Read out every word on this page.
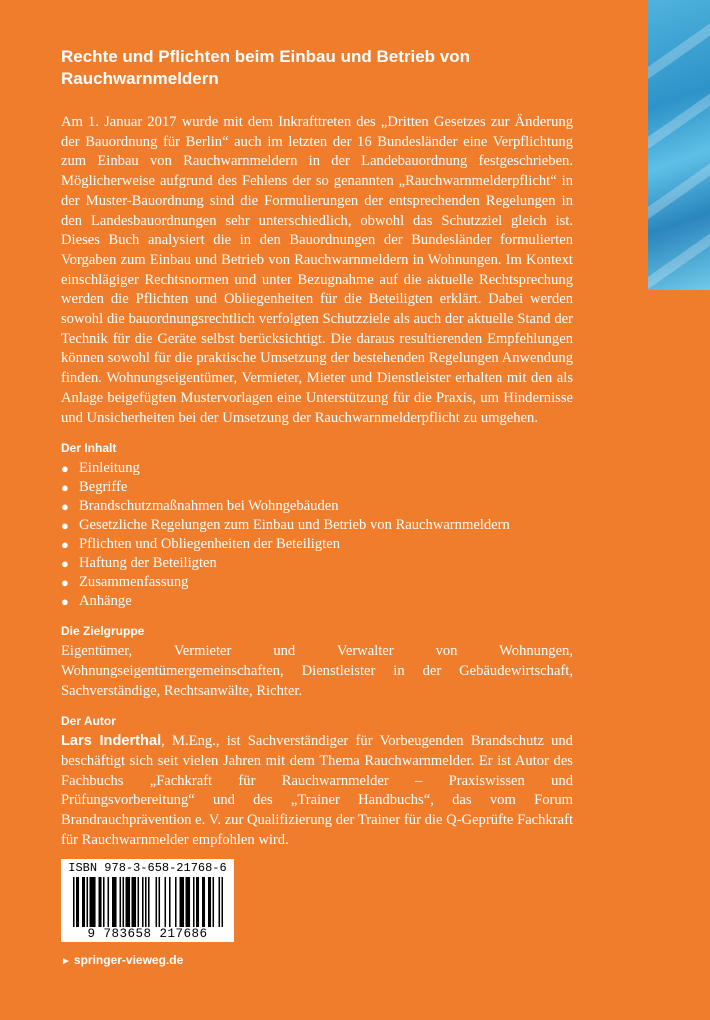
Rechte und Pflichten beim Einbau und Betrieb von Rauchwarnmeldern

Am 1. Januar 2017 wurde mit dem Inkrafttreten des „Dritten Gesetzes zur Änderung der Bauordnung für Berlin“ auch im letzten der 16 Bundesländer eine Verpflichtung zum Einbau von Rauchwarnmeldern in der Landebauordnung festgeschrieben. Möglicherweise aufgrund des Fehlens der so genannten „Rauchwarnmelderpflicht“ in der Muster-Bauordnung sind die Formulierungen der entsprechenden Regelungen in den Landesbauordnungen sehr unterschiedlich, obwohl das Schutzziel gleich ist. Dieses Buch analysiert die in den Bauordnungen der Bundesländer formulierten Vorgaben zum Einbau und Betrieb von Rauchwarnmeldern in Wohnungen. Im Kontext einschlägiger Rechtsnormen und unter Bezugnahme auf die aktuelle Rechtsprechung werden die Pflichten und Obliegenheiten für die Beteiligten erklärt. Dabei werden sowohl die bauordnungsrechtlich verfolgten Schutzziele als auch der aktuelle Stand der Technik für die Geräte selbst berücksichtigt. Die daraus resultierenden Empfehlungen können sowohl für die praktische Umsetzung der bestehenden Regelungen Anwendung finden. Wohnungseigentümer, Vermieter, Mieter und Dienstleister erhalten mit den als Anlage beigefügten Mustervorlagen eine Unterstützung für die Praxis, um Hindernisse und Unsicherheiten bei der Umsetzung der Rauchwarnmelderpflicht zu umgehen.

Der Inhalt
● Einleitung
● Begriffe
● Brandschutzmaßnahmen bei Wohngebäuden
● Gesetzliche Regelungen zum Einbau und Betrieb von Rauchwarnmeldern
● Pflichten und Obliegenheiten der Beteiligten
● Haftung der Beteiligten
● Zusammenfassung
● Anhänge
Die Zielgruppe

Eigentümer, Vermieter und Verwalter von Wohnungen, Wohnungseigentümergemeinschaften, Dienstleister in der Gebäudewirtschaft, Sachverständige, Rechtsanwälte, Richter.

Der Autor

Lars Inderthal, M.Eng., ist Sachverständiger für Vorbeugenden Brandschutz und beschäftigt sich seit vielen Jahren mit dem Thema Rauchwarnmelder. Er ist Autor des Fachbuchs „Fachkraft für Rauchwarnmelder – Praxiswissen und Prüfungsvorbereitung“ und des „Trainer Handbuchs“, das vom Forum Brandrauchprävention e. V. zur Qualifizierung der Trainer für die Q-Geprüfte Fachkraft für Rauchwarnmelder empfohlen wird.

ISBN 978-3-658-21768-6
9 783658 217686
► springer-vieweg.de
